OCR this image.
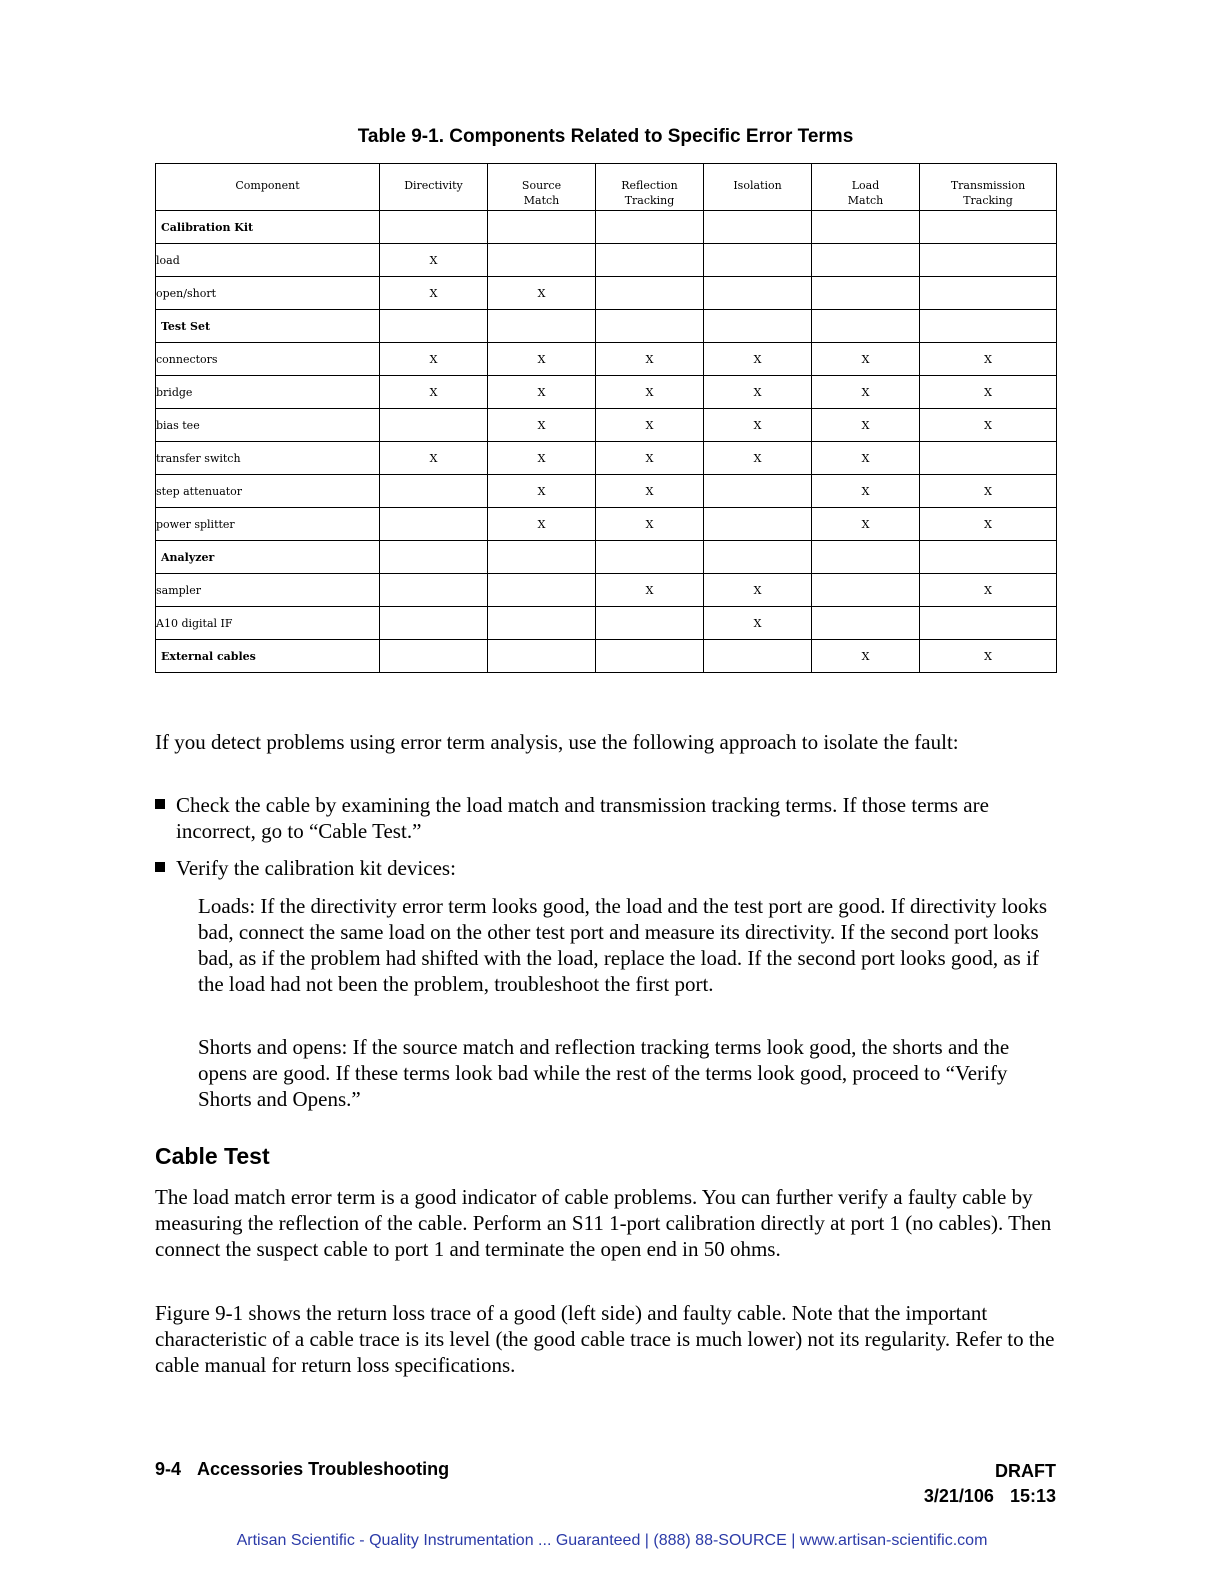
Table 9-1. Components Related to Specific Error Terms
Component	Directivity	Source Match	Reflection Tracking	Isolation	Load Match	Transmission Tracking
Calibration Kit						
load	X					
open/short	X	X				
Test Set						
connectors	X	X	X	X	X	X
bridge	X	X	X	X	X	X
bias tee		X	X	X	X	X
transfer switch	X	X	X	X	X	
step attenuator		X	X		X	X
power splitter		X	X		X	X
Analyzer						
sampler			X	X		X
A10 digital IF				X		
External cables					X	X
If you detect problems using error term analysis, use the following approach to isolate the fault:
Check the cable by examining the load match and transmission tracking terms. If those terms are incorrect, go to “Cable Test.”
Verify the calibration kit devices:
Loads: If the directivity error term looks good, the load and the test port are good. If directivity looks bad, connect the same load on the other test port and measure its directivity. If the second port looks bad, as if the problem had shifted with the load, replace the load. If the second port looks good, as if the load had not been the problem, troubleshoot the first port.
Shorts and opens: If the source match and reflection tracking terms look good, the shorts and the opens are good. If these terms look bad while the rest of the terms look good, proceed to “Verify Shorts and Opens.”
Cable Test
The load match error term is a good indicator of cable problems. You can further verify a faulty cable by measuring the reflection of the cable. Perform an S11 1-port calibration directly at port 1 (no cables). Then connect the suspect cable to port 1 and terminate the open end in 50 ohms.
Figure 9-1 shows the return loss trace of a good (left side) and faulty cable. Note that the important characteristic of a cable trace is its level (the good cable trace is much lower) not its regularity. Refer to the cable manual for return loss specifications.
9-4 Accessories Troubleshooting	DRAFT
3/21/106 15:13
Artisan Scientific - Quality Instrumentation ... Guaranteed | (888) 88-SOURCE | www.artisan-scientific.com
